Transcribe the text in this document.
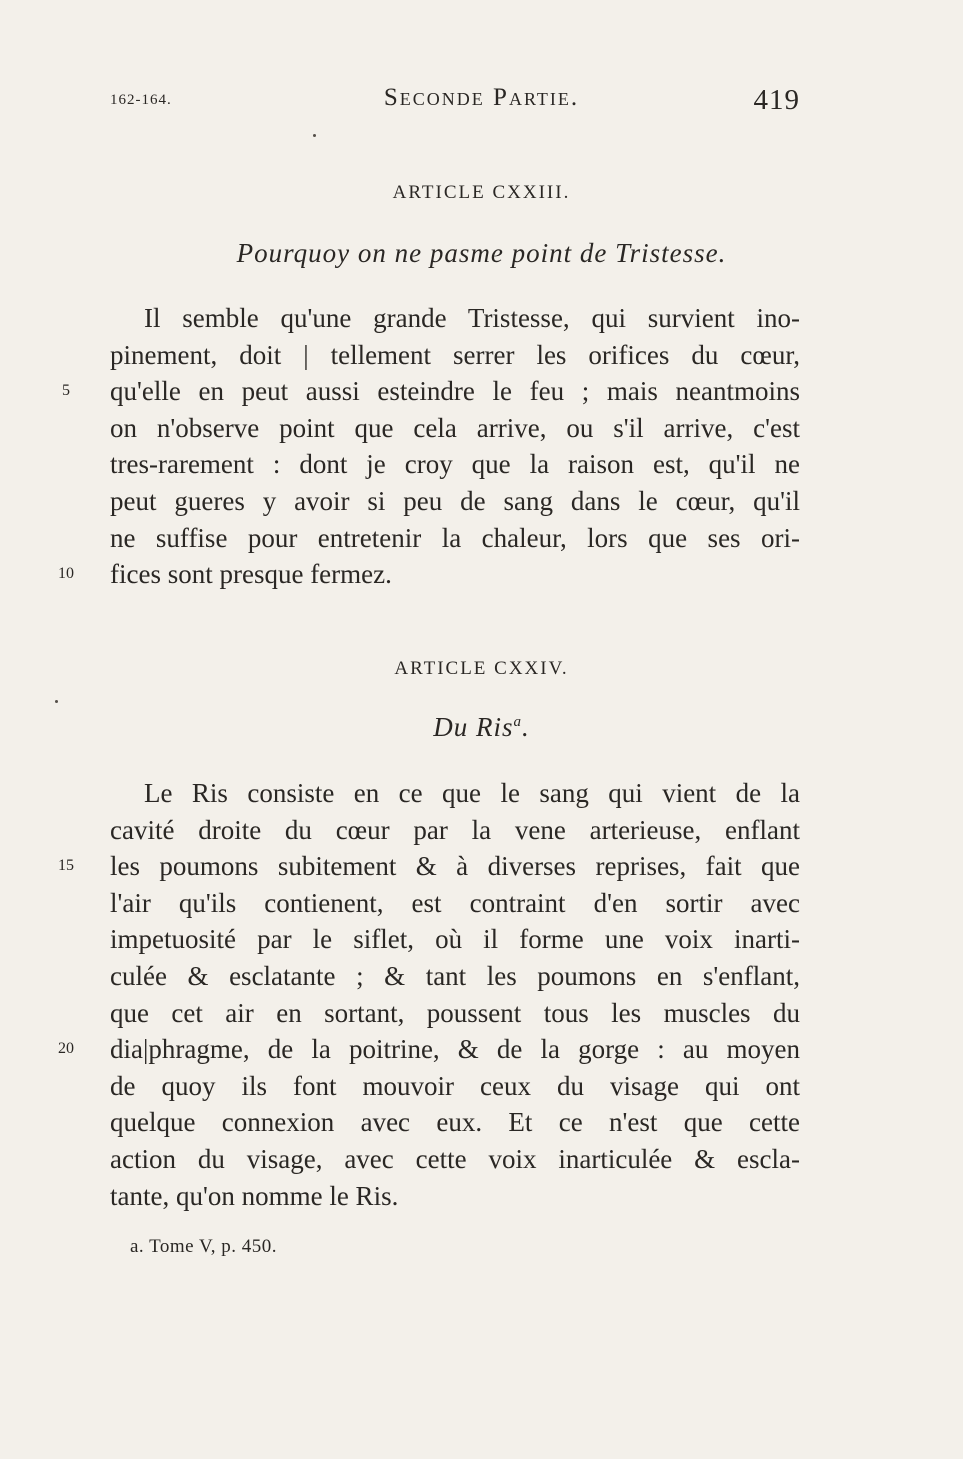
162-164.	Seconde Partie.	419
ARTICLE CXXIII.
Pourquoy on ne pasme point de Tristesse.
Il semble qu'une grande Tristesse, qui survient ino-
pinement, doit | tellement serrer les orifices du cœur,
qu'elle en peut aussi esteindre le feu ; mais neantmoins
on n'observe point que cela arrive, ou s'il arrive, c'est
tres-rarement : dont je croy que la raison est, qu'il ne
peut gueres y avoir si peu de sang dans le cœur, qu'il
ne suffise pour entretenir la chaleur, lors que ses ori-
fices sont presque fermez.
ARTICLE CXXIV.
Du Ris$^a$.
Le Ris consiste en ce que le sang qui vient de la
cavité droite du cœur par la vene arterieuse, enflant
les poumons subitement & à diverses reprises, fait que
l'air qu'ils contienent, est contraint d'en sortir avec
impetuosité par le siflet, où il forme une voix inarti-
culée & esclatante ; & tant les poumons en s'enflant,
que cet air en sortant, poussent tous les muscles du
dia|phragme, de la poitrine, & de la gorge : au moyen
de quoy ils font mouvoir ceux du visage qui ont
quelque connexion avec eux. Et ce n'est que cette
action du visage, avec cette voix inarticulée & escla-
tante, qu'on nomme le Ris.
5
10
15
20
a. Tome V, p. 450.
